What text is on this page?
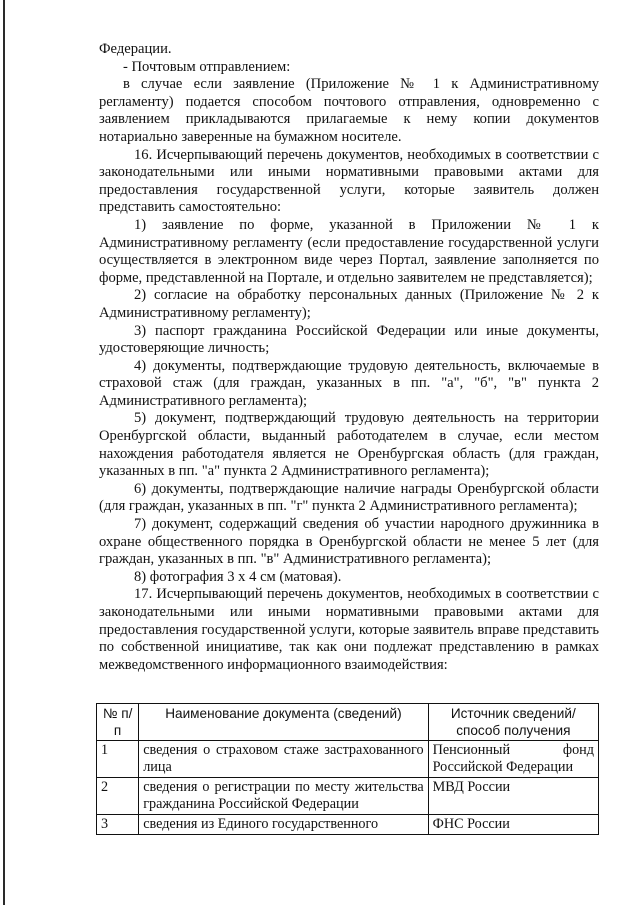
Федерации.

- Почтовым отправлением:

в случае если заявление (Приложение № 1 к Административному регламенту) подается способом почтового отправления, одновременно с заявлением прикладываются прилагаемые к нему копии документов нотариально заверенные на бумажном носителе.

16. Исчерпывающий перечень документов, необходимых в соответствии с законодательными или иными нормативными правовыми актами для предоставления государственной услуги, которые заявитель должен представить самостоятельно:

1) заявление по форме, указанной в Приложении № 1 к Административному регламенту (если предоставление государственной услуги осуществляется в электронном виде через Портал, заявление заполняется по форме, представленной на Портале, и отдельно заявителем не представляется);

2) согласие на обработку персональных данных (Приложение № 2 к Административному регламенту);

3) паспорт гражданина Российской Федерации или иные документы, удостоверяющие личность;

4) документы, подтверждающие трудовую деятельность, включаемые в страховой стаж (для граждан, указанных в пп. "а", "б", "в" пункта 2 Административного регламента);

5) документ, подтверждающий трудовую деятельность на территории Оренбургской области, выданный работодателем в случае, если местом нахождения работодателя является не Оренбургская область (для граждан, указанных в пп. "а" пункта 2 Административного регламента);

6) документы, подтверждающие наличие награды Оренбургской области (для граждан, указанных в пп. "г" пункта 2 Административного регламента);

7) документ, содержащий сведения об участии народного дружинника в охране общественного порядка в Оренбургской области не менее 5 лет (для граждан, указанных в пп. "в" Административного регламента);

8) фотография 3 х 4 см (матовая).

17. Исчерпывающий перечень документов, необходимых в соответствии с законодательными или иными нормативными правовыми актами для предоставления государственной услуги, которые заявитель вправе представить по собственной инициативе, так как они подлежат представлению в рамках межведомственного информационного взаимодействия:

№ п/п	Наименование документа (сведений)	Источник сведений/способ получения
1	сведения о страховом стаже застрахованного лица	Пенсионный фонд Российской Федерации
2	сведения о регистрации по месту жительства гражданина Российской Федерации	МВД России
3	сведения из Единого государственного	ФНС России
